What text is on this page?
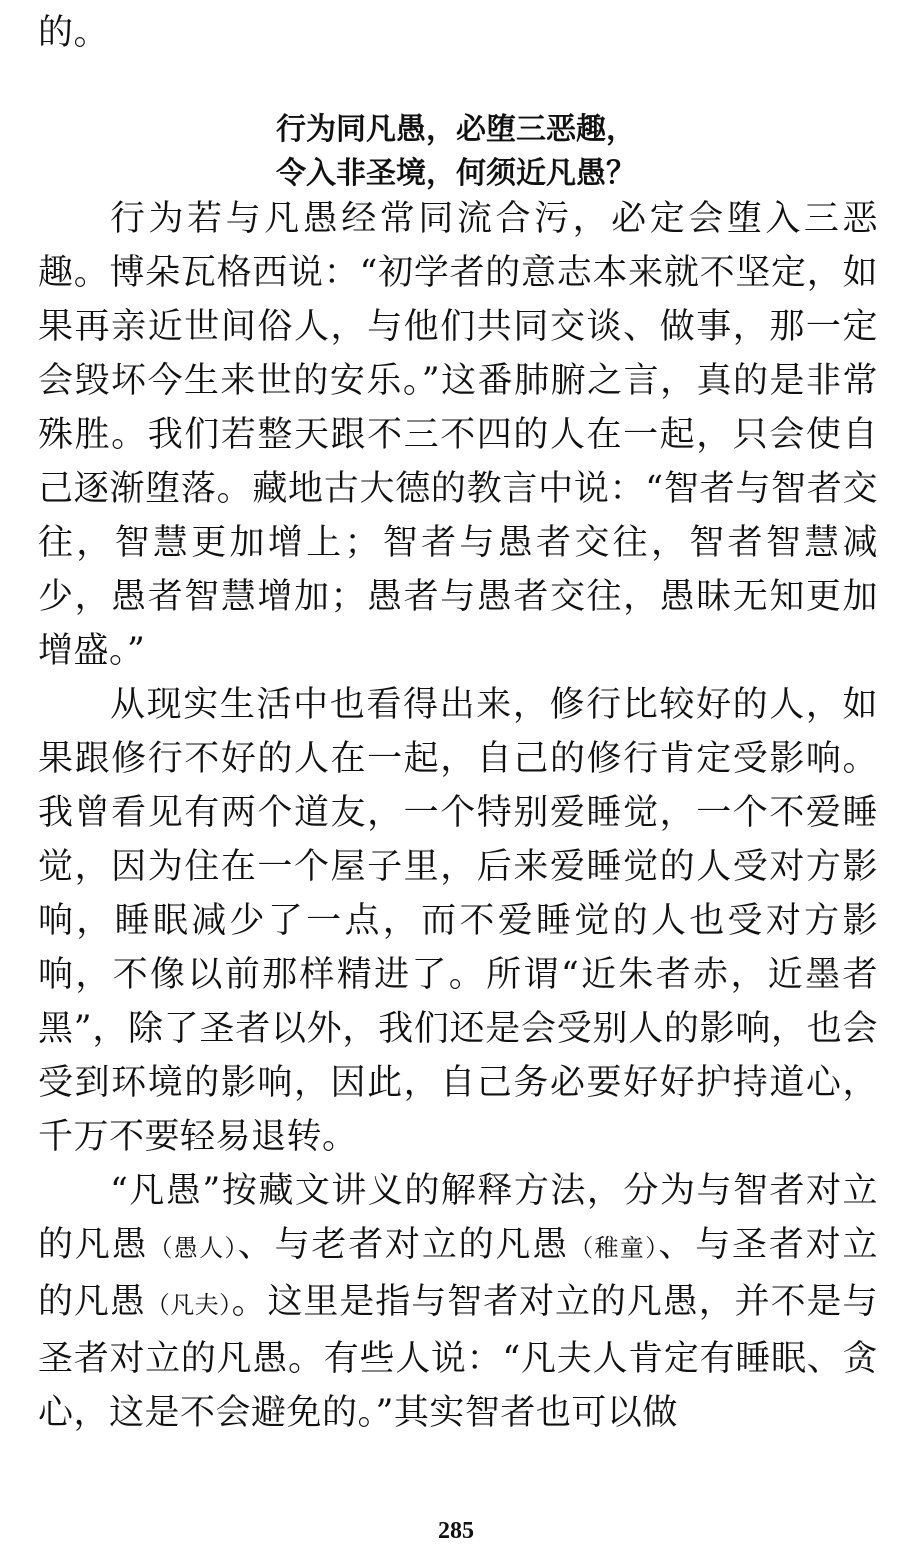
的。

行为同凡愚，必堕三恶趣，
令入非圣境，何须近凡愚？

行为若与凡愚经常同流合污，必定会堕入三恶趣。博朵瓦格西说：“初学者的意志本来就不坚定，如果再亲近世间俗人，与他们共同交谈、做事，那一定会毁坏今生来世的安乐。”这番肺腑之言，真的是非常殊胜。我们若整天跟不三不四的人在一起，只会使自己逐渐堕落。藏地古大德的教言中说：“智者与智者交往，智慧更加增上；智者与愚者交往，智者智慧减少，愚者智慧增加；愚者与愚者交往，愚昧无知更加增盛。”

从现实生活中也看得出来，修行比较好的人，如果跟修行不好的人在一起，自己的修行肯定受影响。我曾看见有两个道友，一个特别爱睡觉，一个不爱睡觉，因为住在一个屋子里，后来爱睡觉的人受对方影响，睡眠减少了一点，而不爱睡觉的人也受对方影响，不像以前那样精进了。所谓“近朱者赤，近墨者黑”，除了圣者以外，我们还是会受别人的影响，也会受到环境的影响，因此，自己务必要好好护持道心，千万不要轻易退转。

“凡愚”按藏文讲义的解释方法，分为与智者对立的凡愚（愚人）、与老者对立的凡愚（稚童）、与圣者对立的凡愚（凡夫）。这里是指与智者对立的凡愚，并不是与圣者对立的凡愚。有些人说：“凡夫人肯定有睡眠、贪心，这是不会避免的。”其实智者也可以做

285
